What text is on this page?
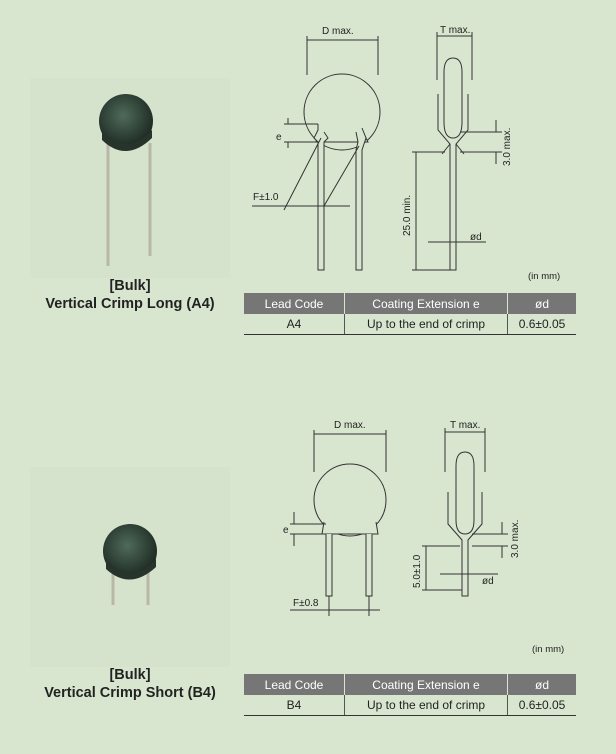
[Bulk]
Vertical Crimp Long (A4)
D max.	T max.
e
F±1.0	25.0 min.
3.0 max.
ød
(in mm)
Lead Code	Coating Extension e	ød
A4	Up to the end of crimp	0.6±0.05
[Bulk]
Vertical Crimp Short (B4)
D max.	T max.
e
F±0.8
5.0±1.0
3.0 max.
ød
(in mm)
Lead Code	Coating Extension e	ød
B4	Up to the end of crimp	0.6±0.05
